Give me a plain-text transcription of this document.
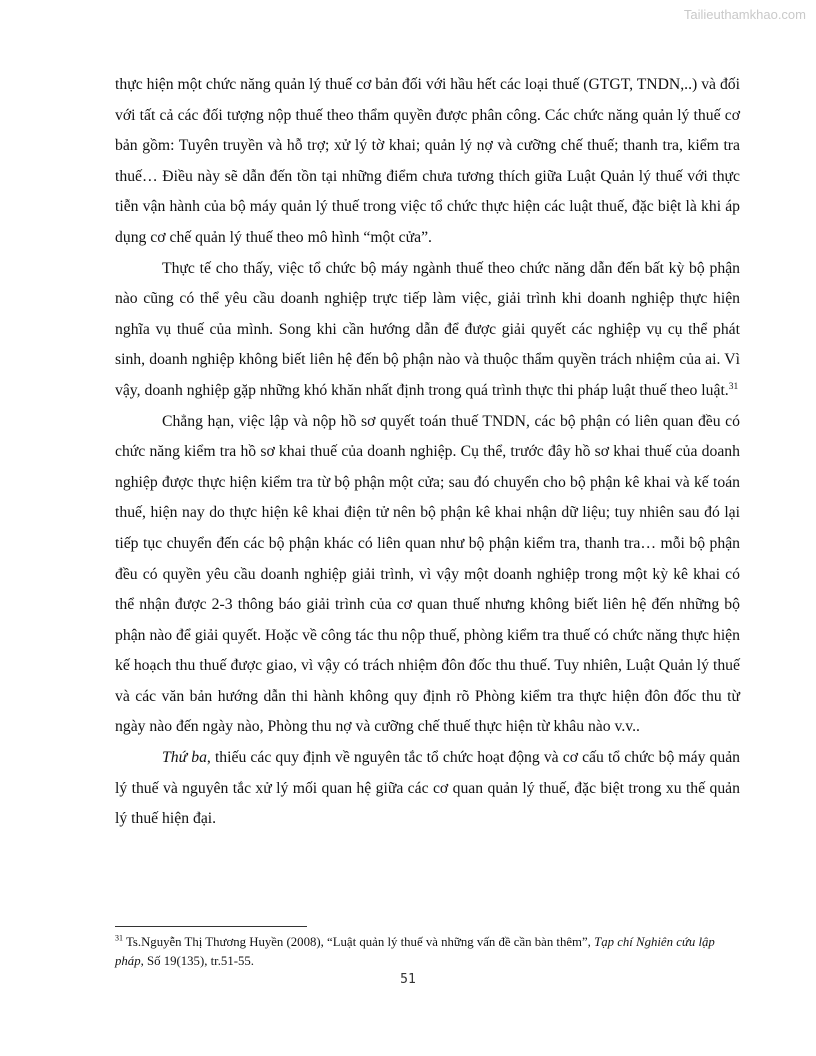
Tailieuthamkhao.com

thực hiện một chức năng quản lý thuế cơ bản đối với hầu hết các loại thuế (GTGT, TNDN,..) và đối với tất cả các đối tượng nộp thuế theo thẩm quyền được phân công. Các chức năng quản lý thuế cơ bản gồm: Tuyên truyền và hỗ trợ; xử lý tờ khai; quản lý nợ và cưỡng chế thuế; thanh tra, kiểm tra thuế… Điều này sẽ dẫn đến tồn tại những điểm chưa tương thích giữa Luật Quản lý thuế với thực tiễn vận hành của bộ máy quản lý thuế trong việc tổ chức thực hiện các luật thuế, đặc biệt là khi áp dụng cơ chế quản lý thuế theo mô hình “một cửa”.

Thực tế cho thấy, việc tổ chức bộ máy ngành thuế theo chức năng dẫn đến bất kỳ bộ phận nào cũng có thể yêu cầu doanh nghiệp trực tiếp làm việc, giải trình khi doanh nghiệp thực hiện nghĩa vụ thuế của mình. Song khi cần hướng dẫn để được giải quyết các nghiệp vụ cụ thể phát sinh, doanh nghiệp không biết liên hệ đến bộ phận nào và thuộc thẩm quyền trách nhiệm của ai. Vì vậy, doanh nghiệp gặp những khó khăn nhất định trong quá trình thực thi pháp luật thuế theo luật.$^{31}$

Chẳng hạn, việc lập và nộp hồ sơ quyết toán thuế TNDN, các bộ phận có liên quan đều có chức năng kiểm tra hồ sơ khai thuế của doanh nghiệp. Cụ thể, trước đây hồ sơ khai thuế của doanh nghiệp được thực hiện kiểm tra từ bộ phận một cửa; sau đó chuyển cho bộ phận kê khai và kế toán thuế, hiện nay do thực hiện kê khai điện tử nên bộ phận kê khai nhận dữ liệu; tuy nhiên sau đó lại tiếp tục chuyển đến các bộ phận khác có liên quan như bộ phận kiểm tra, thanh tra… mỗi bộ phận đều có quyền yêu cầu doanh nghiệp giải trình, vì vậy một doanh nghiệp trong một kỳ kê khai có thể nhận được 2-3 thông báo giải trình của cơ quan thuế nhưng không biết liên hệ đến những bộ phận nào để giải quyết. Hoặc về công tác thu nộp thuế, phòng kiểm tra thuế có chức năng thực hiện kế hoạch thu thuế được giao, vì vậy có trách nhiệm đôn đốc thu thuế. Tuy nhiên, Luật Quản lý thuế và các văn bản hướng dẫn thi hành không quy định rõ Phòng kiểm tra thực hiện đôn đốc thu từ ngày nào đến ngày nào, Phòng thu nợ và cưỡng chế thuế thực hiện từ khâu nào v.v..

Thứ ba, thiếu các quy định về nguyên tắc tổ chức hoạt động và cơ cấu tổ chức bộ máy quản lý thuế và nguyên tắc xử lý mối quan hệ giữa các cơ quan quản lý thuế, đặc biệt trong xu thế quản lý thuế hiện đại.

$^{31}$ Ts.Nguyễn Thị Thương Huyền (2008), “Luật quản lý thuế và những vấn đề cần bàn thêm”, Tạp chí Nghiên cứu lập pháp, Số 19(135), tr.51-55.

51
